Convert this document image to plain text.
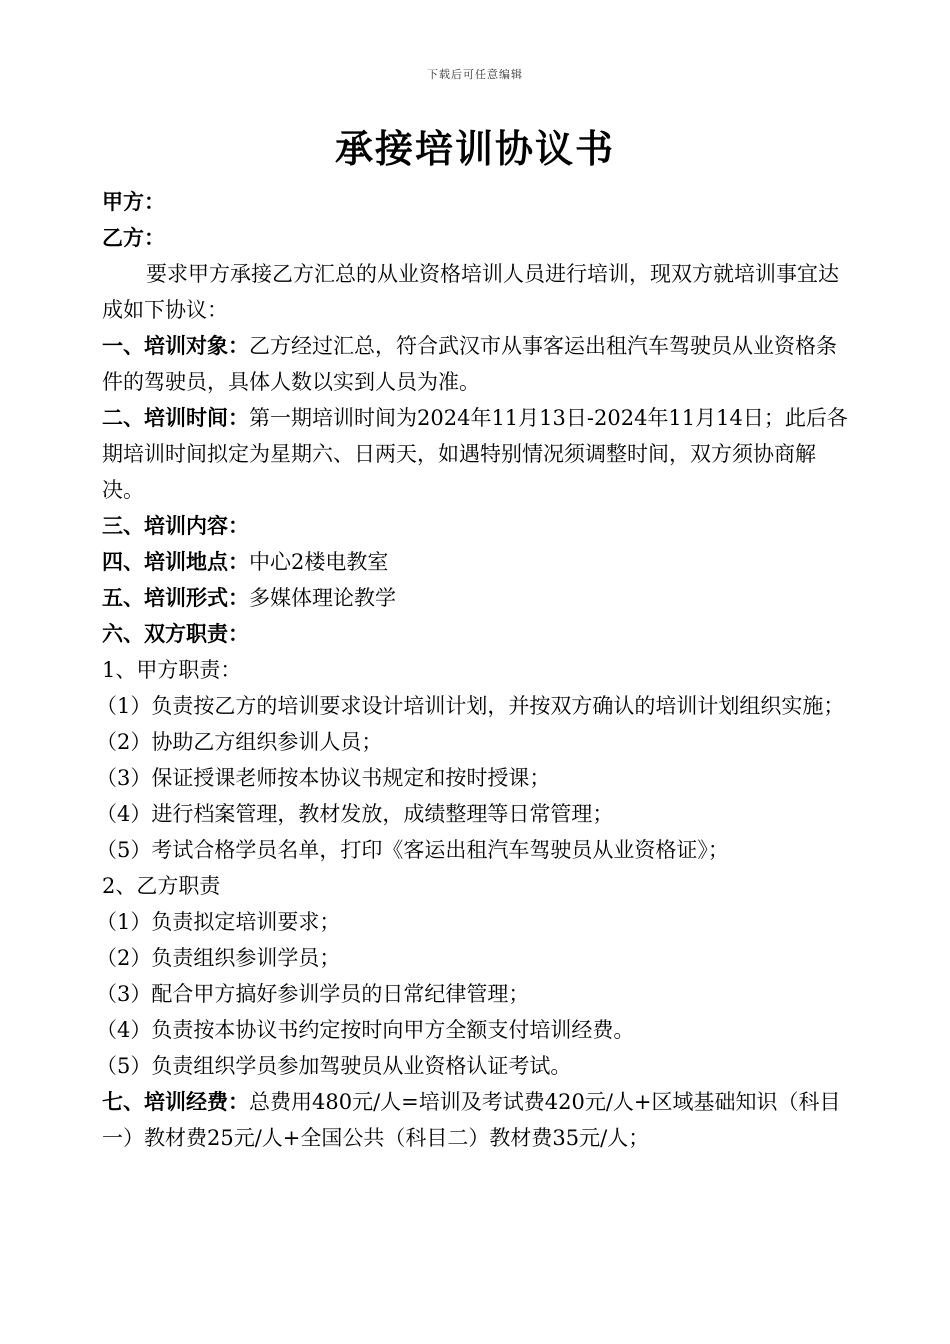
下载后可任意编辑
承接培训协议书

甲方：

乙方：

要求甲方承接乙方汇总的从业资格培训人员进行培训，现双方就培训事宜达成如下协议：

一、培训对象：乙方经过汇总，符合武汉市从事客运出租汽车驾驶员从业资格条件的驾驶员，具体人数以实到人员为准。

二、培训时间：第一期培训时间为2024年11月13日-2024年11月14日；此后各期培训时间拟定为星期六、日两天，如遇特别情况须调整时间，双方须协商解决。

三、培训内容：

四、培训地点：中心2楼电教室

五、培训形式：多媒体理论教学

六、双方职责：

1、甲方职责：

（1）负责按乙方的培训要求设计培训计划，并按双方确认的培训计划组织实施；

（2）协助乙方组织参训人员；

（3）保证授课老师按本协议书规定和按时授课；

（4）进行档案管理，教材发放，成绩整理等日常管理；

（5）考试合格学员名单，打印《客运出租汽车驾驶员从业资格证》；

2、乙方职责

（1）负责拟定培训要求；

（2）负责组织参训学员；

（3）配合甲方搞好参训学员的日常纪律管理；

（4）负责按本协议书约定按时向甲方全额支付培训经费。

（5）负责组织学员参加驾驶员从业资格认证考试。

七、培训经费：总费用480元/人=培训及考试费420元/人+区域基础知识（科目一）教材费25元/人+全国公共（科目二）教材费35元/人；
